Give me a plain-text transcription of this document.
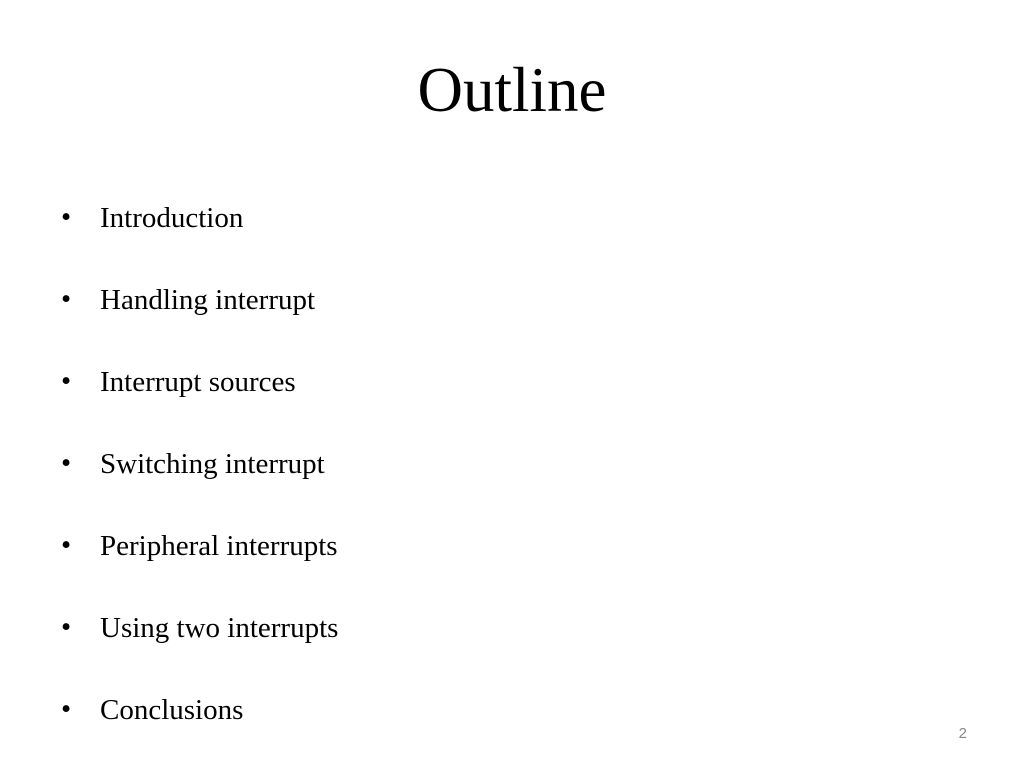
Outline
• Introduction
• Handling interrupt
• Interrupt sources
• Switching interrupt
• Peripheral interrupts
• Using two interrupts
• Conclusions
2
